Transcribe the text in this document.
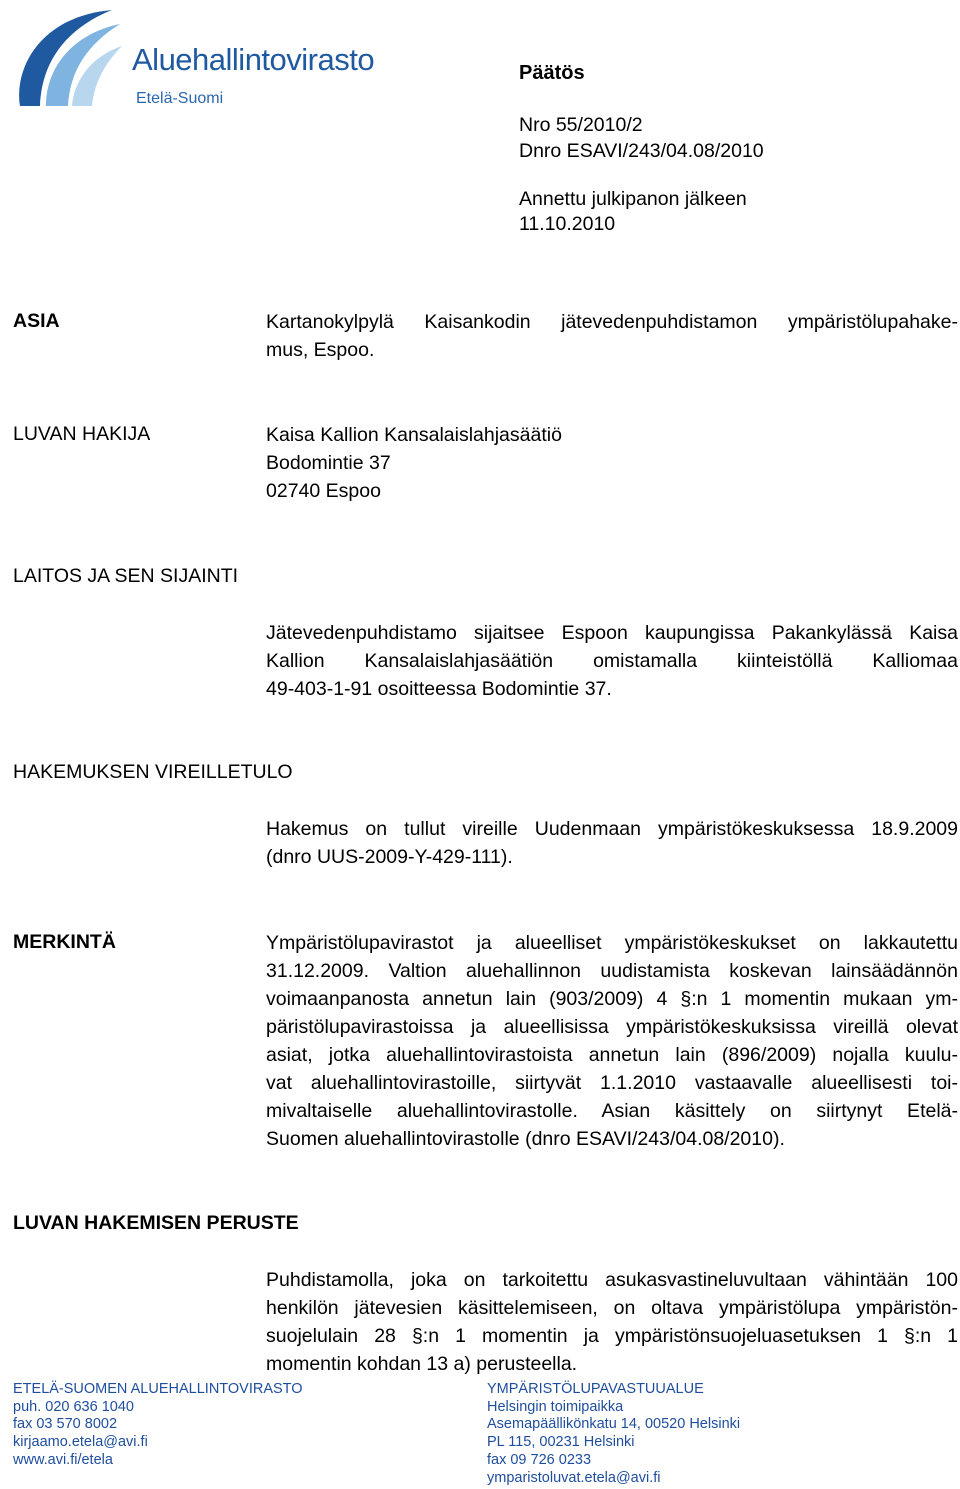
Aluehallintovirasto
Etelä-Suomi
Päätös
Nro 55/2010/2
Dnro ESAVI/243/04.08/2010
Annettu julkipanon jälkeen
11.10.2010
ASIA	Kartanokylpylä Kaisankodin jätevedenpuhdistamon ympäristölupahake-
mus, Espoo.
LUVAN HAKIJA	Kaisa Kallion Kansalaislahjasäätiö
Bodomintie 37
02740 Espoo
LAITOS JA SEN SIJAINTI
Jätevedenpuhdistamo sijaitsee Espoon kaupungissa Pakankylässä Kaisa
Kallion Kansalaislahjasäätiön omistamalla kiinteistöllä Kalliomaa
49-403-1-91 osoitteessa Bodomintie 37.
HAKEMUKSEN VIREILLETULO
Hakemus on tullut vireille Uudenmaan ympäristökeskuksessa 18.9.2009
(dnro UUS-2009-Y-429-111).
MERKINTÄ	Ympäristölupavirastot ja alueelliset ympäristökeskukset on lakkautettu
31.12.2009. Valtion aluehallinnon uudistamista koskevan lainsäädännön
voimaanpanosta annetun lain (903/2009) 4 §:n 1 momentin mukaan ym-
päristölupavirastoissa ja alueellisissa ympäristökeskuksissa vireillä olevat
asiat, jotka aluehallintovirastoista annetun lain (896/2009) nojalla kuulu-
vat aluehallintovirastoille, siirtyvät 1.1.2010 vastaavalle alueellisesti toi-
mivaltaiselle aluehallintovirastolle. Asian käsittely on siirtynyt Etelä-
Suomen aluehallintovirastolle (dnro ESAVI/243/04.08/2010).
LUVAN HAKEMISEN PERUSTE
Puhdistamolla, joka on tarkoitettu asukasvastineluvultaan vähintään 100
henkilön jätevesien käsittelemiseen, on oltava ympäristölupa ympäristön-
suojelulain 28 §:n 1 momentin ja ympäristönsuojeluasetuksen 1 §:n 1
momentin kohdan 13 a) perusteella.
ETELÄ-SUOMEN ALUEHALLINTOVIRASTO
puh. 020 636 1040
fax 03 570 8002
kirjaamo.etela@avi.fi
www.avi.fi/etela
YMPÄRISTÖLUPAVASTUUALUE
Helsingin toimipaikka
Asemapäällikönkatu 14, 00520 Helsinki
PL 115, 00231 Helsinki
fax 09 726 0233
ymparistoluvat.etela@avi.fi
